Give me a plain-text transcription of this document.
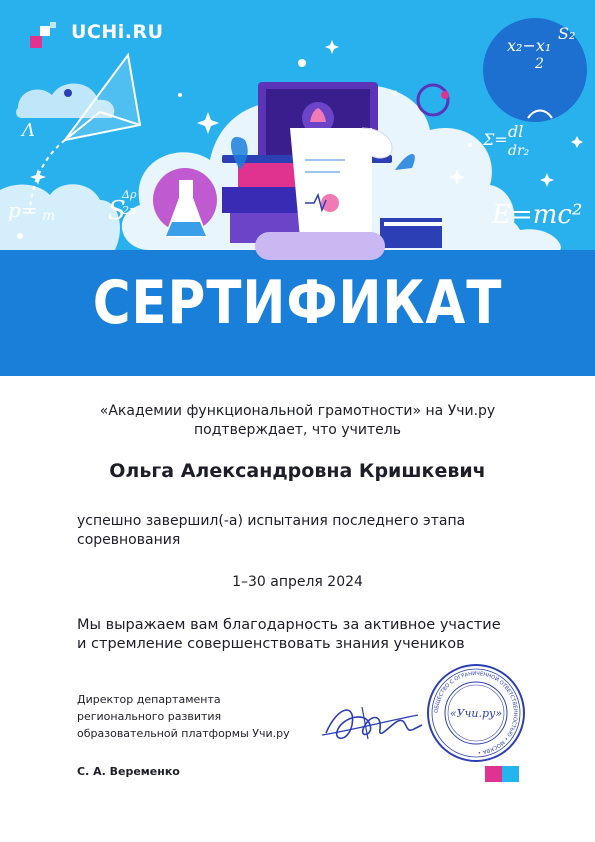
UCHi.RU
x₂−x₁
S₂
2
Σ= dl
dr₂
E=mc²
p= m S
Δρ
2π
Λ
СЕРТИФИКАТ
«Академии функциональной грамотности» на Учи.ру
подтверждает, что учитель
Ольга Александровна Кришкевич
успешно завершил(-а) испытания последнего этапа
соревнования
1–30 апреля 2024
Мы выражаем вам благодарность за активное участие
и стремление совершенствовать знания учеников
Директор департамента
регионального развития
образовательной платформы Учи.ру
С. А. Веременко
ОБЩЕСТВО С ОГРАНИЧЕННОЙ ОТВЕТСТВЕННОСТЬЮ • МОСКВА •
«Учи.ру»
